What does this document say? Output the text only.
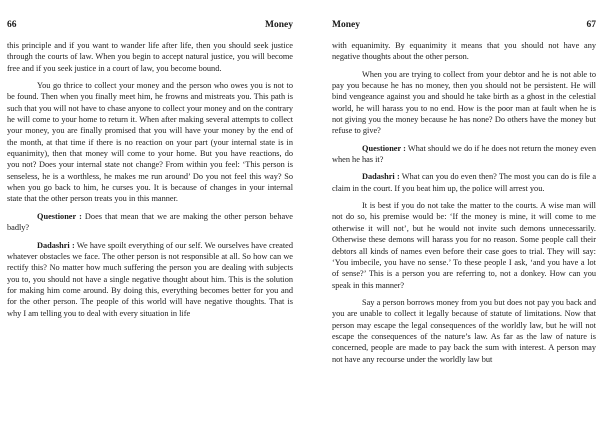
66	Money

this principle and if you want to wander life after life, then you should seek justice through the courts of law. When you begin to accept natural justice, you will become free and if you seek justice in a court of law, you become bound.

You go thrice to collect your money and the person who owes you is not to be found. Then when you finally meet him, he frowns and mistreats you. This path is such that you will not have to chase anyone to collect your money and on the contrary he will come to your home to return it. When after making several attempts to collect your money, you are finally promised that you will have your money by the end of the month, at that time if there is no reaction on your part (your internal state is in equanimity), then that money will come to your home. But you have reactions, do you not? Does your internal state not change? From within you feel: ‘This person is senseless, he is a worthless, he makes me run around’ Do you not feel this way? So when you go back to him, he curses you. It is because of changes in your internal state that the other person treats you in this manner.

Questioner : Does that mean that we are making the other person behave badly?

Dadashri : We have spoilt everything of our self. We ourselves have created whatever obstacles we face. The other person is not responsible at all. So how can we rectify this? No matter how much suffering the person you are dealing with subjects you to, you should not have a single negative thought about him. This is the solution for making him come around. By doing this, everything becomes better for you and for the other person. The people of this world will have negative thoughts. That is why I am telling you to deal with every situation in life

Money	67

with equanimity. By equanimity it means that you should not have any negative thoughts about the other person.

When you are trying to collect from your debtor and he is not able to pay you because he has no money, then you should not be persistent. He will bind vengeance against you and should he take birth as a ghost in the celestial world, he will harass you to no end. How is the poor man at fault when he is not giving you the money because he has none? Do others have the money but refuse to give?

Questioner : What should we do if he does not return the money even when he has it?

Dadashri : What can you do even then? The most you can do is file a claim in the court. If you beat him up, the police will arrest you.

It is best if you do not take the matter to the courts. A wise man will not do so, his premise would be: ‘If the money is mine, it will come to me otherwise it will not’, but he would not invite such demons unnecessarily. Otherwise these demons will harass you for no reason. Some people call their debtors all kinds of names even before their case goes to trial. They will say: ‘You imbecile, you have no sense.’ To these people I ask, ‘and you have a lot of sense?’ This is a person you are referring to, not a donkey. How can you speak in this manner?

Say a person borrows money from you but does not pay you back and you are unable to collect it legally because of statute of limitations. Now that person may escape the legal consequences of the worldly law, but he will not escape the consequences of the nature’s law. As far as the law of nature is concerned, people are made to pay back the sum with interest. A person may not have any recourse under the worldly law but
